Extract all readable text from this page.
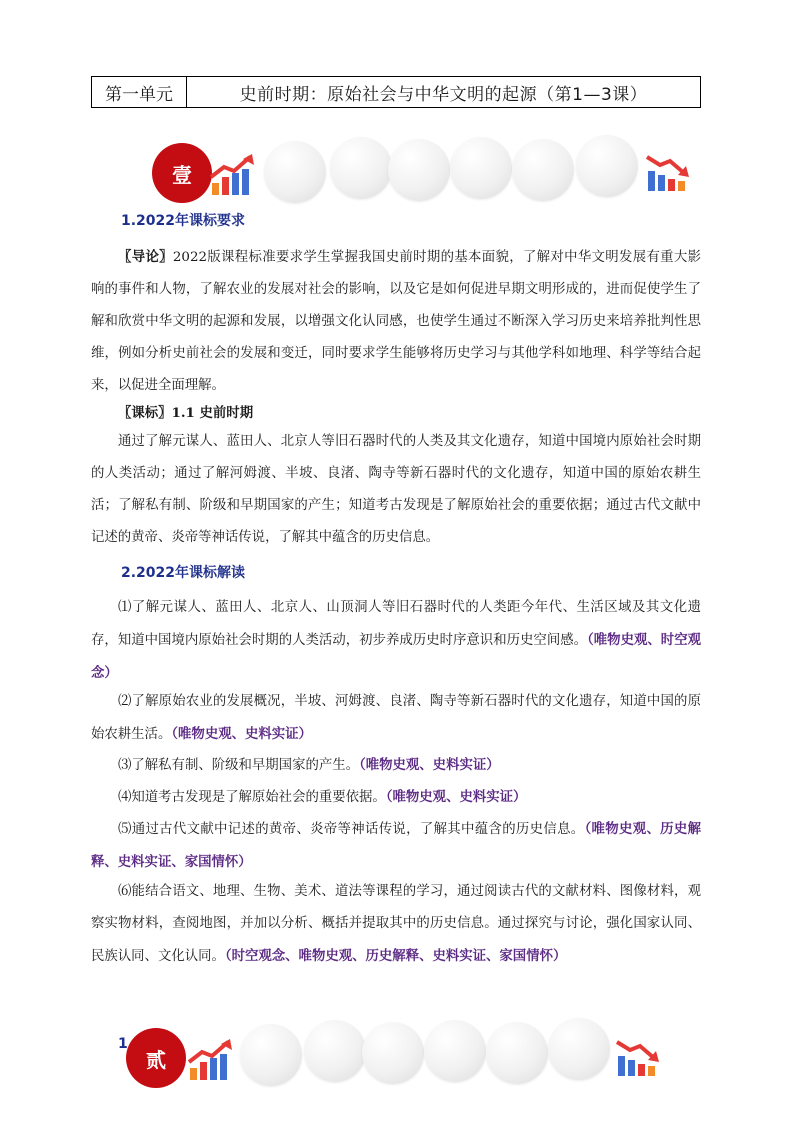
第一单元	史前时期：原始社会与中华文明的起源（第1—3课）
壹
1.2022年课标要求

〖导论〗2022版课程标准要求学生掌握我国史前时期的基本面貌，了解对中华文明发展有重大影响的事件和人物，了解农业的发展对社会的影响，以及它是如何促进早期文明形成的，进而促使学生了解和欣赏中华文明的起源和发展，以增强文化认同感，也使学生通过不断深入学习历史来培养批判性思维，例如分析史前社会的发展和变迁，同时要求学生能够将历史学习与其他学科如地理、科学等结合起来，以促进全面理解。

〖课标〗1.1 史前时期

通过了解元谋人、蓝田人、北京人等旧石器时代的人类及其文化遗存，知道中国境内原始社会时期的人类活动；通过了解河姆渡、半坡、良渚、陶寺等新石器时代的文化遗存，知道中国的原始农耕生活；了解私有制、阶级和早期国家的产生；知道考古发现是了解原始社会的重要依据；通过古代文献中记述的黄帝、炎帝等神话传说，了解其中蕴含的历史信息。

2.2022年课标解读

⑴了解元谋人、蓝田人、北京人、山顶洞人等旧石器时代的人类距今年代、生活区域及其文化遗存，知道中国境内原始社会时期的人类活动，初步养成历史时序意识和历史空间感。（唯物史观、时空观念）

⑵了解原始农业的发展概况，半坡、河姆渡、良渚、陶寺等新石器时代的文化遗存，知道中国的原始农耕生活。（唯物史观、史料实证）

⑶了解私有制、阶级和早期国家的产生。（唯物史观、史料实证）

⑷知道考古发现是了解原始社会的重要依据。（唯物史观、史料实证）

⑸通过古代文献中记述的黄帝、炎帝等神话传说，了解其中蕴含的历史信息。（唯物史观、历史解释、史料实证、家国情怀）

⑹能结合语文、地理、生物、美术、道法等课程的学习，通过阅读古代的文献材料、图像材料，观察实物材料，查阅地图，并加以分析、概括并提取其中的历史信息。通过探究与讨论，强化国家认同、民族认同、文化认同。（时空观念、唯物史观、历史解释、史料实证、家国情怀）

1
贰
